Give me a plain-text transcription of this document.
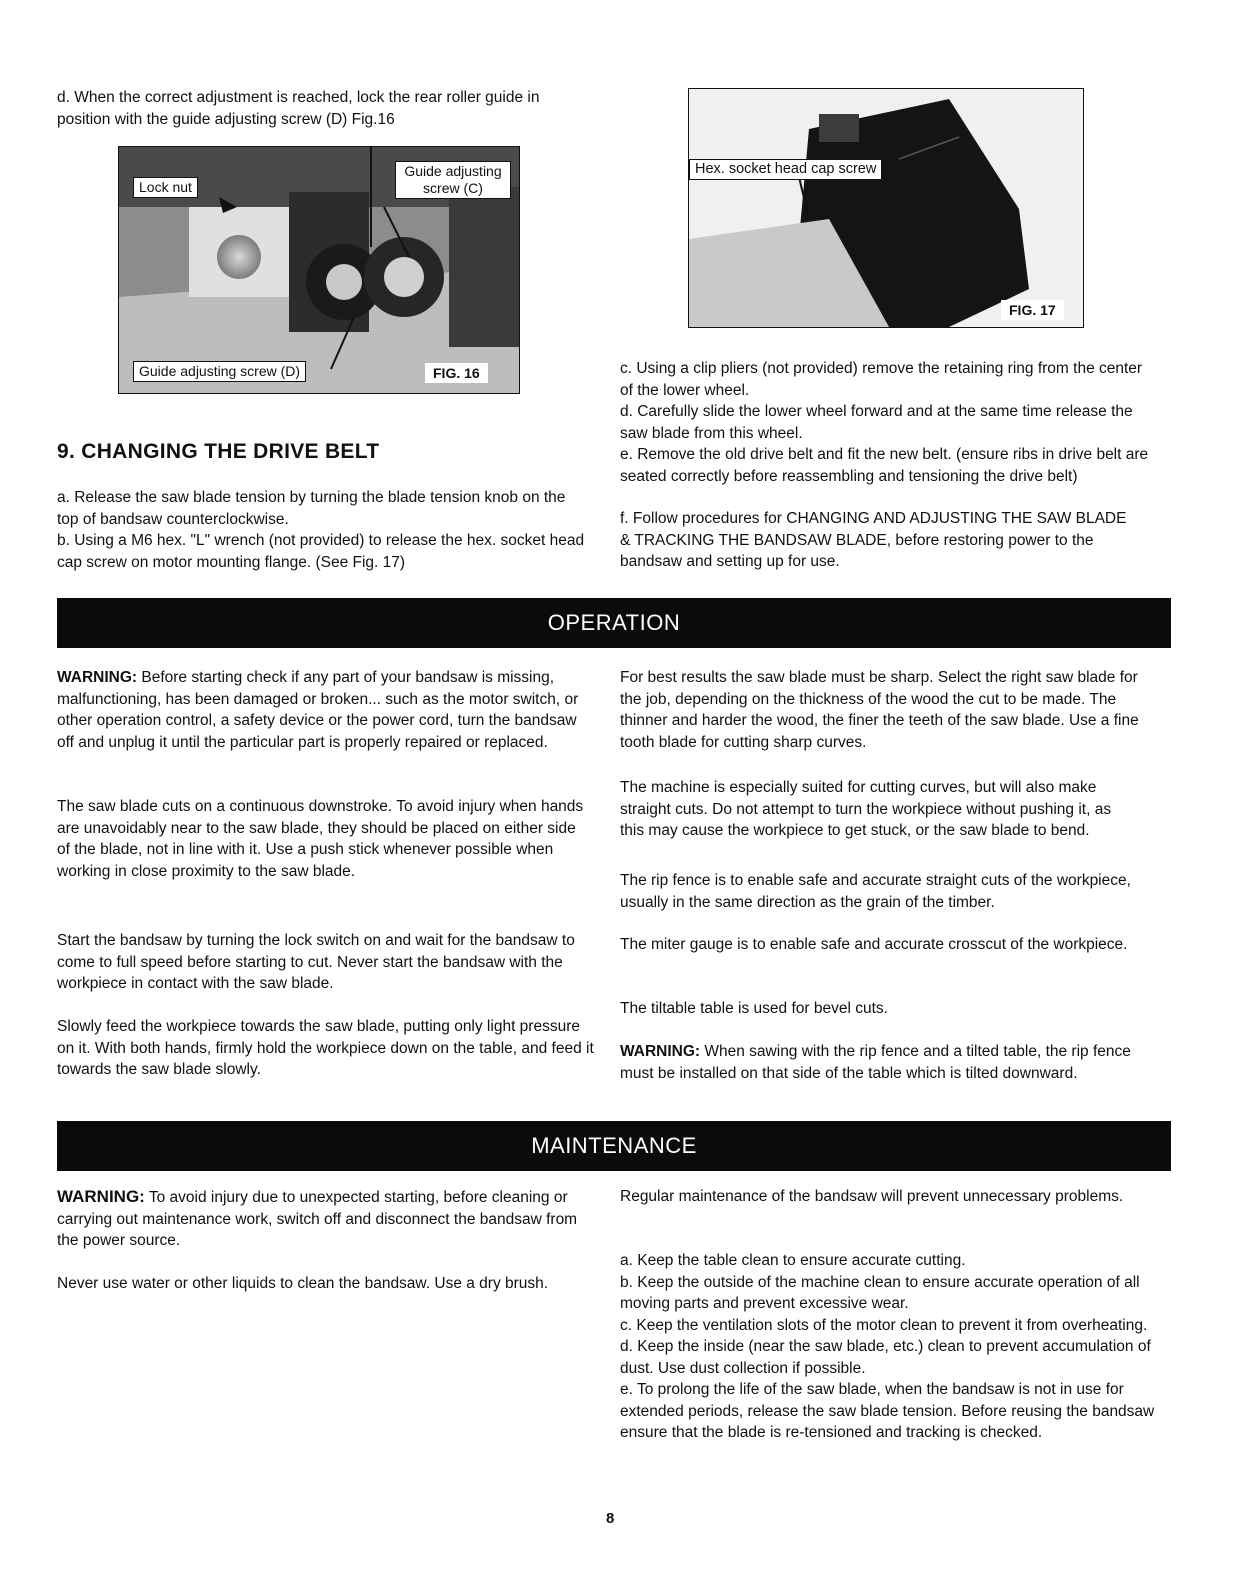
d. When the correct adjustment is reached, lock the rear roller guide in position with the guide adjusting screw (D) Fig.16

Lock nut
Guide adjusting screw (C)
Guide adjusting screw (D)	FIG. 16
9. CHANGING THE DRIVE BELT

a. Release the saw blade tension by turning the blade tension knob on the top of bandsaw counterclockwise.

b. Using a M6 hex. "L" wrench (not provided) to release the hex. socket head cap screw on motor mounting flange. (See Fig. 17)

Hex. socket head cap screw
FIG. 17

c. Using a clip pliers (not provided) remove the retaining ring from the center of the lower wheel.

d. Carefully slide the lower wheel forward and at the same time release the saw blade from this wheel.

e. Remove the old drive belt and fit the new belt. (ensure ribs in drive belt are seated correctly before reassembling and tensioning the drive belt)

f. Follow procedures for CHANGING AND ADJUSTING THE SAW BLADE & TRACKING THE BANDSAW BLADE, before restoring power to the bandsaw and setting up for use.

OPERATION

WARNING: Before starting check if any part of your bandsaw is missing, malfunctioning, has been damaged or broken... such as the motor switch, or other operation control, a safety device or the power cord, turn the bandsaw off and unplug it until the particular part is properly repaired or replaced.

The saw blade cuts on a continuous downstroke. To avoid injury when hands are unavoidably near to the saw blade, they should be placed on either side of the blade, not in line with it. Use a push stick whenever possible when working in close proximity to the saw blade.

Start the bandsaw by turning the lock switch on and wait for the bandsaw to come to full speed before starting to cut. Never start the bandsaw with the workpiece in contact with the saw blade.

Slowly feed the workpiece towards the saw blade, putting only light pressure on it. With both hands, firmly hold the workpiece down on the table, and feed it towards the saw blade slowly.

For best results the saw blade must be sharp. Select the right saw blade for the job, depending on the thickness of the wood the cut to be made. The thinner and harder the wood, the finer the teeth of the saw blade. Use a fine tooth blade for cutting sharp curves.

The machine is especially suited for cutting curves, but will also make straight cuts. Do not attempt to turn the workpiece without pushing it, as this may cause the workpiece to get stuck, or the saw blade to bend.

The rip fence is to enable safe and accurate straight cuts of the workpiece, usually in the same direction as the grain of the timber.

The miter gauge is to enable safe and accurate crosscut of the workpiece.

The tiltable table is used for bevel cuts.

WARNING: When sawing with the rip fence and a tilted table, the rip fence must be installed on that side of the table which is tilted downward.

MAINTENANCE

WARNING: To avoid injury due to unexpected starting, before cleaning or carrying out maintenance work, switch off and disconnect the bandsaw from the power source.

Never use water or other liquids to clean the bandsaw. Use a dry brush.

Regular maintenance of the bandsaw will prevent unnecessary problems.

a. Keep the table clean to ensure accurate cutting.

b. Keep the outside of the machine clean to ensure accurate operation of all moving parts and prevent excessive wear.

c. Keep the ventilation slots of the motor clean to prevent it from overheating.

d. Keep the inside (near the saw blade, etc.) clean to prevent accumulation of dust. Use dust collection if possible.

e. To prolong the life of the saw blade, when the bandsaw is not in use for extended periods, release the saw blade tension. Before reusing the bandsaw ensure that the blade is re-tensioned and tracking is checked.

8
